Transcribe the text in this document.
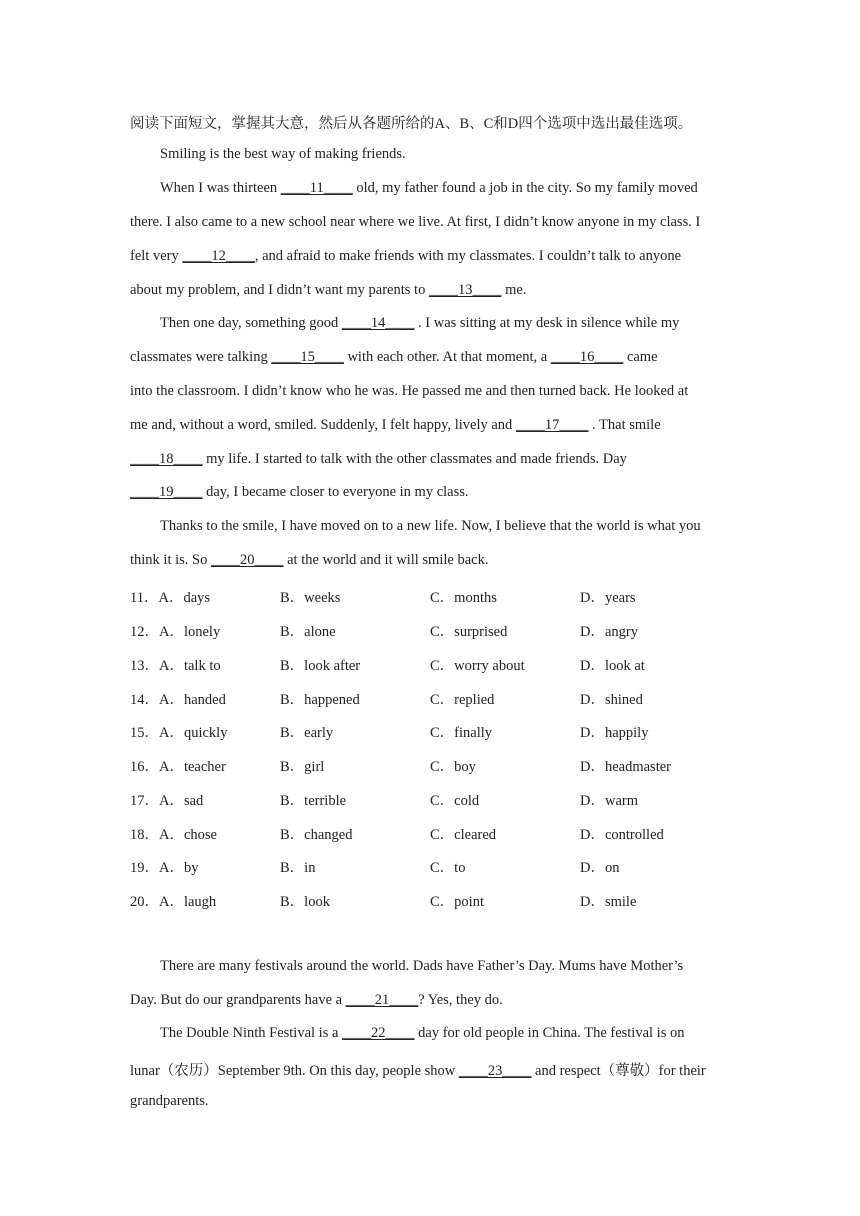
阅读下面短文，掌握其大意，然后从各题所给的A、B、C和D四个选项中选出最佳选项。
Smiling is the best way of making friends.
When I was thirteen ____11____ old, my father found a job in the city. So my family moved
there. I also came to a new school near where we live. At first, I didn’t know anyone in my class. I
felt very ____12____, and afraid to make friends with my classmates. I couldn’t talk to anyone
about my problem, and I didn’t want my parents to ____13____ me.
Then one day, something good ____14____ . I was sitting at my desk in silence while my
classmates were talking ____15____ with each other. At that moment, a ____16____ came
into the classroom. I didn’t know who he was. He passed me and then turned back. He looked at
me and, without a word, smiled. Suddenly, I felt happy, lively and ____17____ . That smile
____18____ my life. I started to talk with the other classmates and made friends. Day
____19____ day, I became closer to everyone in my class.
Thanks to the smile, I have moved on to a new life. Now, I believe that the world is what you
think it is. So ____20____ at the world and it will smile back.
11．A．days	B．weeks	C．months	D．years
12．A．lonely	B．alone	C．surprised	D．angry
13．A．talk to	B．look after	C．worry about	D．look at
14．A．handed	B．happened	C．replied	D．shined
15．A．quickly	B．early	C．finally	D．happily
16．A．teacher	B．girl	C．boy	D．headmaster
17．A．sad	B．terrible	C．cold	D．warm
18．A．chose	B．changed	C．cleared	D．controlled
19．A．by	B．in	C．to	D．on
20．A．laugh	B．look	C．point	D．smile
There are many festivals around the world. Dads have Father’s Day. Mums have Mother’s
Day. But do our grandparents have a ____21____? Yes, they do.
The Double Ninth Festival is a ____22____ day for old people in China. The festival is on
lunar（农历）September 9th. On this day, people show ____23____ and respect（尊敬）for their
grandparents.
